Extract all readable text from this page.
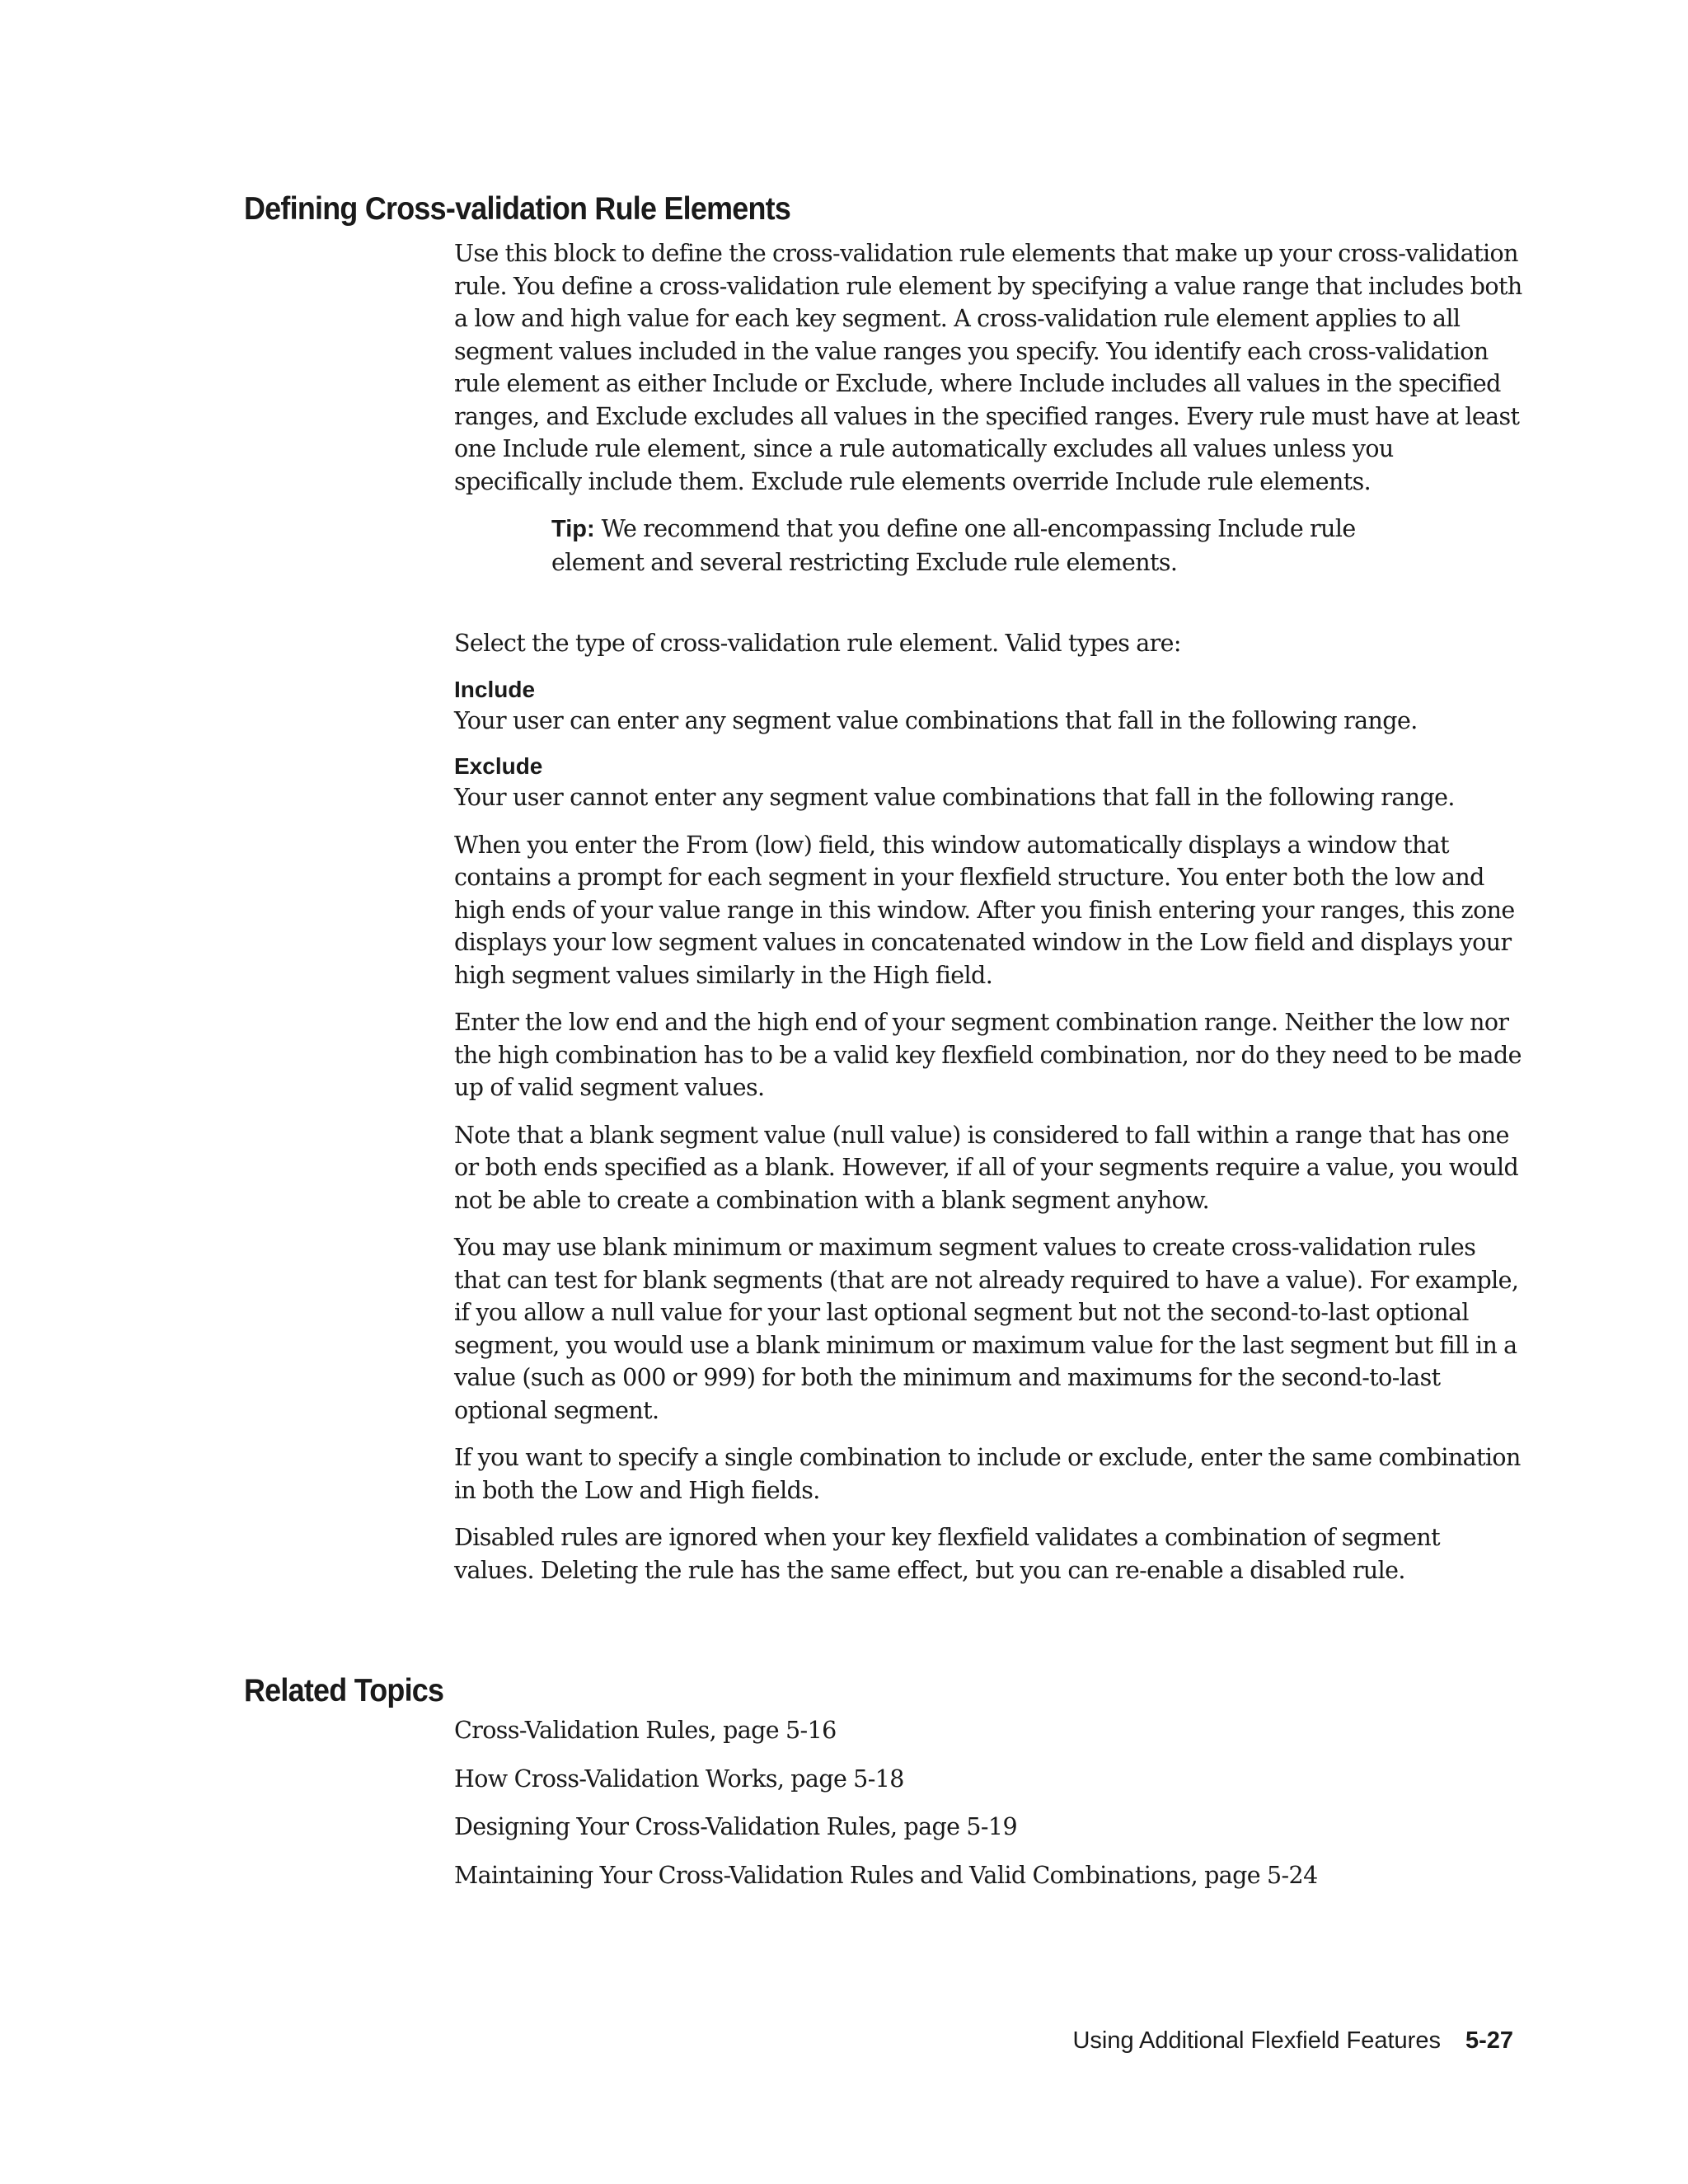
Defining Cross-validation Rule Elements

Use this block to define the cross-validation rule elements that make up your cross-validation rule. You define a cross-validation rule element by specifying a value range that includes both a low and high value for each key segment. A cross-validation rule element applies to all segment values included in the value ranges you specify. You identify each cross-validation rule element as either Include or Exclude, where Include includes all values in the specified ranges, and Exclude excludes all values in the specified ranges. Every rule must have at least one Include rule element, since a rule automatically excludes all values unless you specifically include them. Exclude rule elements override Include rule elements.

Tip: We recommend that you define one all-encompassing Include rule element and several restricting Exclude rule elements.

Select the type of cross-validation rule element. Valid types are:

Include

Your user can enter any segment value combinations that fall in the following range.

Exclude

Your user cannot enter any segment value combinations that fall in the following range.

When you enter the From (low) field, this window automatically displays a window that contains a prompt for each segment in your flexfield structure. You enter both the low and high ends of your value range in this window. After you finish entering your ranges, this zone displays your low segment values in concatenated window in the Low field and displays your high segment values similarly in the High field.

Enter the low end and the high end of your segment combination range. Neither the low nor the high combination has to be a valid key flexfield combination, nor do they need to be made up of valid segment values.

Note that a blank segment value (null value) is considered to fall within a range that has one or both ends specified as a blank. However, if all of your segments require a value, you would not be able to create a combination with a blank segment anyhow.

You may use blank minimum or maximum segment values to create cross-validation rules that can test for blank segments (that are not already required to have a value). For example, if you allow a null value for your last optional segment but not the second-to-last optional segment, you would use a blank minimum or maximum value for the last segment but fill in a value (such as 000 or 999) for both the minimum and maximums for the second-to-last optional segment.

If you want to specify a single combination to include or exclude, enter the same combination in both the Low and High fields.

Disabled rules are ignored when your key flexfield validates a combination of segment values. Deleting the rule has the same effect, but you can re-enable a disabled rule.

Related Topics
Cross-Validation Rules, page 5-16
How Cross-Validation Works, page 5-18
Designing Your Cross-Validation Rules, page 5-19
Maintaining Your Cross-Validation Rules and Valid Combinations, page 5-24
Using Additional Flexfield Features 5-27
